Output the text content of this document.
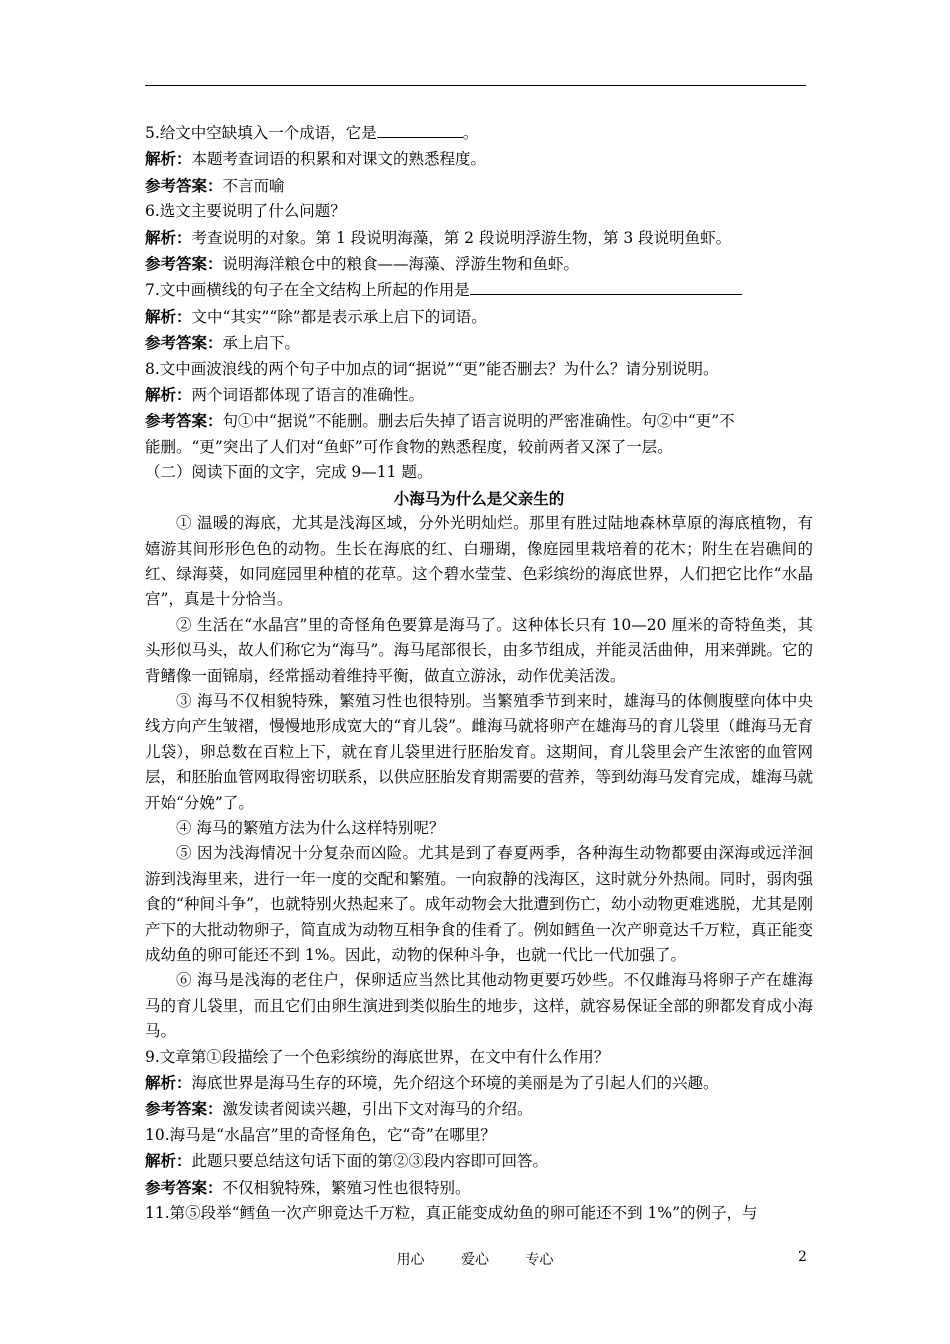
5.给文中空缺填入一个成语，它是	。
解析：本题考查词语的积累和对课文的熟悉程度。
参考答案：不言而喻
6.选文主要说明了什么问题？
解析：考查说明的对象。第 1 段说明海藻，第 2 段说明浮游生物，第 3 段说明鱼虾。
参考答案：说明海洋粮仓中的粮食——海藻、浮游生物和鱼虾。
7.文中画横线的句子在全文结构上所起的作用是
解析：文中“其实”“除”都是表示承上启下的词语。
参考答案：承上启下。
8.文中画波浪线的两个句子中加点的词“据说”“更”能否删去？为什么？请分别说明。
解析：两个词语都体现了语言的准确性。
参考答案：句①中“据说”不能删。删去后失掉了语言说明的严密准确性。句②中“更”不
能删。“更”突出了人们对“鱼虾”可作食物的熟悉程度，较前两者又深了一层。
（二）阅读下面的文字，完成 9—11 题。
小海马为什么是父亲生的
① 温暖的海底，尤其是浅海区域，分外光明灿烂。那里有胜过陆地森林草原的海底植物，有嬉游其间形形色色的动物。生长在海底的红、白珊瑚，像庭园里栽培着的花木；附生在岩礁间的红、绿海葵，如同庭园里种植的花草。这个碧水莹莹、色彩缤纷的海底世界，人们把它比作“水晶宫”，真是十分恰当。
② 生活在“水晶宫”里的奇怪角色要算是海马了。这种体长只有 10—20 厘米的奇特鱼类，其头形似马头，故人们称它为“海马”。海马尾部很长，由多节组成，并能灵活曲伸，用来弹跳。它的背鳍像一面锦扇，经常摇动着维持平衡，做直立游泳，动作优美活泼。
③ 海马不仅相貌特殊，繁殖习性也很特别。当繁殖季节到来时，雄海马的体侧腹壁向体中央线方向产生皱褶，慢慢地形成宽大的“育儿袋”。雌海马就将卵产在雄海马的育儿袋里（雌海马无育儿袋），卵总数在百粒上下，就在育儿袋里进行胚胎发育。这期间，育儿袋里会产生浓密的血管网层，和胚胎血管网取得密切联系，以供应胚胎发育期需要的营养，等到幼海马发育完成，雄海马就开始“分娩”了。
④ 海马的繁殖方法为什么这样特别呢？
⑤ 因为浅海情况十分复杂而凶险。尤其是到了春夏两季，各种海生动物都要由深海或远洋洄游到浅海里来，进行一年一度的交配和繁殖。一向寂静的浅海区，这时就分外热闹。同时，弱肉强食的“种间斗争”，也就特别火热起来了。成年动物会大批遭到伤亡，幼小动物更难逃脱，尤其是刚产下的大批动物卵子，简直成为动物互相争食的佳肴了。例如鳕鱼一次产卵竟达千万粒，真正能变成幼鱼的卵可能还不到 1%。因此，动物的保种斗争，也就一代比一代加强了。
⑥ 海马是浅海的老住户，保卵适应当然比其他动物更要巧妙些。不仅雌海马将卵子产在雄海马的育儿袋里，而且它们由卵生演进到类似胎生的地步，这样，就容易保证全部的卵都发育成小海马。
9.文章第①段描绘了一个色彩缤纷的海底世界，在文中有什么作用？
解析：海底世界是海马生存的环境，先介绍这个环境的美丽是为了引起人们的兴趣。
参考答案：激发读者阅读兴趣，引出下文对海马的介绍。
10.海马是“水晶宫”里的奇怪角色，它“奇”在哪里？
解析：此题只要总结这句话下面的第②③段内容即可回答。
参考答案：不仅相貌特殊，繁殖习性也很特别。
11.第⑤段举“鳕鱼一次产卵竟达千万粒，真正能变成幼鱼的卵可能还不到 1%”的例子，与
用心 爱心 专心	2
